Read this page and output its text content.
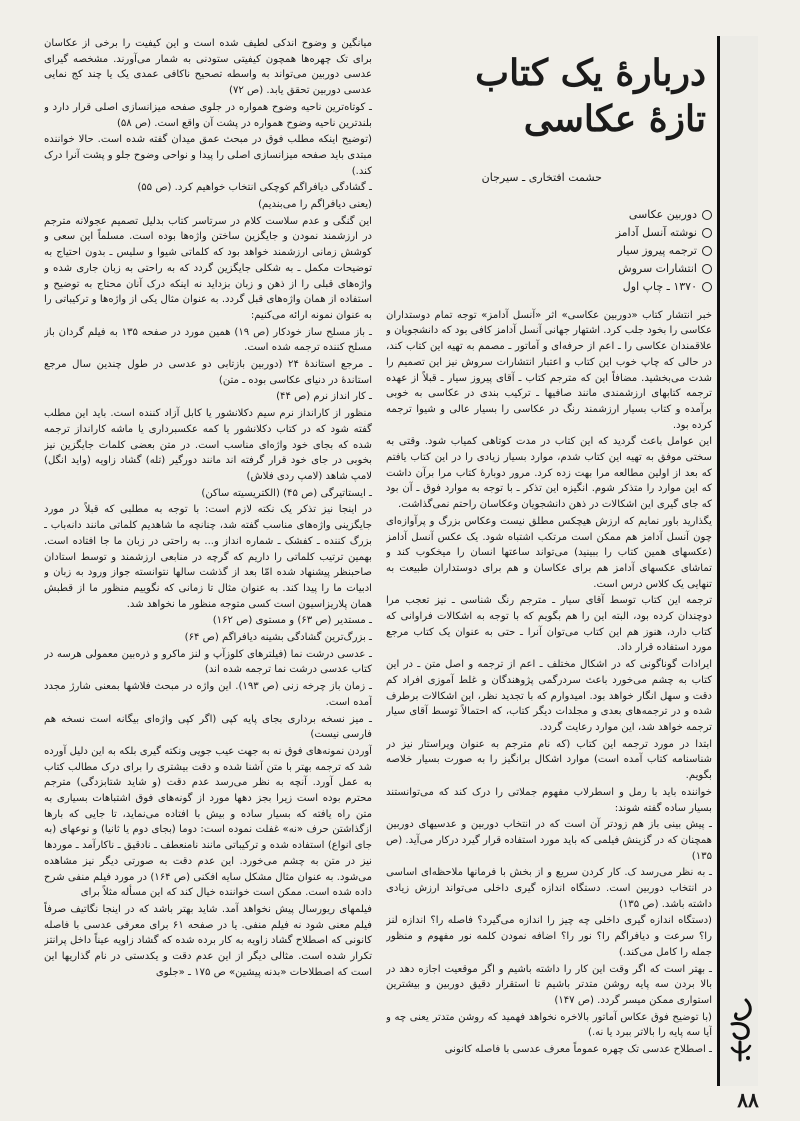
دربارهٔ یک کتاب
تازهٔ عکاسی
حشمت افتخاری ـ سیرجان
دوربین عکاسی
نوشته آنسل آدامز
ترجمه پیروز سیار
انتشارات سروش
۱۳۷۰ ـ چاپ اول

خبر انتشار کتاب «دوربین عکاسی» اثر «آنسل آدامز» توجه تمام دوستداران عکاسی را بخود جلب کرد. اشتهار جهانی آنسل آدامز کافی بود که دانشجویان و علاقمندان عکاسی را ـ اعم از حرفه‌ای و آماتور ـ مصمم به تهیه این کتاب کند، در حالی که چاپ خوب این کتاب و اعتبار انتشارات سروش نیز این تصمیم را شدت می‌بخشید. مضافاً این که مترجم کتاب ـ آقای پیروز سیار ـ قبلاً از عهده ترجمه کتابهای ارزشمندی مانند صافیها ـ ترکیب بندی در عکاسی به خوبی برآمده و کتاب بسیار ارزشمند رنگ در عکاسی را بسیار عالی و شیوا ترجمه کرده بود.

این عوامل باعث گردید که این کتاب در مدت کوتاهی کمیاب شود. وقتی به سختی موفق به تهیه این کتاب شدم، موارد بسیار زیادی را در این کتاب یافتم که بعد از اولین مطالعه مرا بهت زده کرد. مرور دوبارهٔ کتاب مرا برآن داشت که این موارد را متذکر شوم. انگیزه این تذکر ـ با توجه به موارد فوق ـ آن بود که جای گیری این اشکالات در ذهن دانشجویان وعکاسان راحتم نمی‌گذاشت.

یگذارید باور نمایم که ارزش هیچکس مطلق نیست وعکاس بزرگ و پرآوازه‌ای چون آنسل آدامز هم ممکن است مرتکب اشتباه شود. یک عکس آنسل آدامز (عکسهای همین کتاب را ببینید) می‌تواند ساعتها انسان را میخکوب کند و تماشای عکسهای آدامز هم برای عکاسان و هم برای دوستداران طبیعت به تنهایی یک کلاس درس است.

ترجمه این کتاب توسط آقای سیار ـ مترجم رنگ شناسی ـ نیز تعجب مرا دوچندان کرده بود، البته این را هم بگویم که با توجه به اشکالات فراوانی که کتاب دارد، هنوز هم این کتاب می‌توان آنرا ـ حتی به عنوان یک کتاب مرجع مورد استفاده قرار داد.

ایرادات گوناگونی که در اشکال مختلف ـ اعم از ترجمه و اصل متن ـ در این کتاب به چشم می‌خورد باعث سردرگمی پژوهندگان و غلط آموزی افراد کم دقت و سهل انگار خواهد بود. امیدوارم که با تجدید نظر، این اشکالات برطرف شده و در ترجمه‌های بعدی و مجلدات دیگر کتاب، که احتمالاً توسط آقای سیار ترجمه خواهد شد، این موارد رعایت گردد.

ابتدا در مورد ترجمه این کتاب (که نام مترجم به عنوان ویراستار نیز در شناسنامه کتاب آمده است) موارد اشکال برانگیز را به صورت بسیار خلاصه بگویم.

خواننده باید با رمل و اسطرلاب مفهوم جملاتی را درک کند که می‌توانستند بسیار ساده گفته شوند:

ـ پیش بینی باز هم زودتر آن است که در انتخاب دوربین و عدسیهای دوربین همچنان که در گزینش فیلمی که باید مورد استفاده قرار گیرد درکار می‌آید. (ص ۱۳۵)

ـ به نظر می‌رسد ک. کار کردن سریع و از بخش با فرمانها ملاحظه‌ای اساسی در انتخاب دوربین است. دستگاه اندازه گیری داخلی می‌تواند ارزش زیادی داشته باشد. (ص ۱۳۵)

(دستگاه اندازه گیری داخلی چه چیز را اندازه می‌گیرد؟ فاصله را؟ اندازه لنز را؟ سرعت و دیافراگم را؟ نور را؟ اضافه نمودن کلمه نور مفهوم و منظور جمله را کامل می‌کند.)

ـ بهتر است که اگر وقت این کار را داشته باشیم و اگر موقعیت اجازه دهد در بالا بردن سه پایه روشن متدتر باشیم تا استقرار دقیق دوربین و بیشترین استواری ممکن میسر گردد. (ص ۱۴۷)

(با توضیح فوق عکاس آماتور بالاخره نخواهد فهمید که روشن متدتر یعنی چه و آیا سه پایه را بالاتر ببرد یا نه.)

ـ اصطلاح عدسی تک چهره عموماً معرف عدسی با فاصله کانونی

میانگین و وضوح اندکی لطیف شده است و این کیفیت را برخی از عکاسان برای تک چهره‌ها همچون کیفیتی ستودنی به شمار می‌آورند. مشخصه گیرای عدسی دوربین می‌تواند به واسطه تصحیح ناکافی عمدی یک یا چند کج نمایی عدسی دوربین تحقق یابد. (ص ۷۲)

ـ کوتاه‌ترین ناحیه وضوح همواره در جلوی صفحه میزانسازی اصلی قرار دارد و بلندترین ناحیه وضوح همواره در پشت آن واقع است. (ص ۵۸)

(توضیح اینکه مطلب فوق در مبحث عمق میدان گفته شده است. حالا خواننده مبتدی باید صفحه میزانسازی اصلی را پیدا و نواحی وضوح جلو و پشت آنرا درک کند.)

ـ گشادگی دیافراگم کوچکی انتخاب خواهیم کرد. (ص ۵۵)

(یعنی دیافراگم را می‌بندیم)

این گنگی و عدم سلاست کلام در سرتاسر کتاب بدلیل تصمیم عجولانه مترجم در ارزشمند نمودن و جایگزین ساختن واژه‌ها بوده است. مسلماً این سعی و کوشش زمانی ارزشمند خواهد بود که کلماتی شیوا و سلیس ـ بدون احتیاج به توضیحات مکمل ـ به شکلی جایگزین گردد که به راحتی به زبان جاری شده و واژه‌های قبلی را از ذهن و زبان بزداید نه اینکه درک آنان محتاج به توضیح و استفاده از همان واژه‌های قبل گردد. به عنوان مثال یکی از واژه‌ها و ترکیباتی را به عنوان نمونه ارائه می‌کنیم:

ـ باز مسلح ساز خودکار (ص ۱۹) همین مورد در صفحه ۱۳۵ به فیلم گردان باز مسلح کننده ترجمه شده است.

ـ مرجع استاندهٔ ۲۴ (دوربین بازتابی دو عدسی در طول چندین سال مرجع استاندهٔ در دنیای عکاسی بوده ـ متن)

ـ کار انداز نرم (ص ۴۴)

منظور از کارانداز نرم سیم دکلانشور یا کابل آزاد کننده است. باید این مطلب گفته شود که در کتاب دکلانشور یا کمه عکسبرداری یا ماشه کارانداز ترجمه شده که بجای خود واژه‌ای مناسب است. در متن بعضی کلمات جایگزین نیز بخوبی در جای خود قرار گرفته اند مانند دورگیر (تله) گشاد زاویه (واید انگل) لامپ شاهد (لامپ ردی فلاش)

ـ ایستاتیرگی (ص ۴۵) (الکتریسیته ساکن)

در اینجا نیز تذکر یک نکته لازم است: با توجه به مطلبی که قبلاً در مورد جایگزینی واژه‌های مناسب گفته شد، چنانچه ما شاهدیم کلماتی مانند دانه‌باب ـ بزرگ کننده ـ کفشک ـ شماره انداز و... به راحتی در زبان ما جا افتاده است. بهمین ترتیب کلماتی را داریم که گرچه در منابعی ارزشمند و توسط استادان صاحبنظر پیشنهاد شده امّا بعد از گذشت سالها نتوانسته جواز ورود به زبان و ادبیات ما را پیدا کند. به عنوان مثال تا زمانی که نگوییم منظور ما از قطبش همان پلاریزاسیون است کسی متوجه منظور ما نخواهد شد.

ـ مستدیر (ص ۶۳) و مستوی (ص ۱۶۲)

ـ بزرگ‌ترین گشادگی بشینه دیافراگم (ص ۶۴)

ـ عدسی درشت نما (فیلترهای کلوزآپ و لنز ماکرو و ذره‌بین معمولی هرسه در کتاب عدسی درشت نما ترجمه شده اند)

ـ زمان باز چرخه زنی (ص ۱۹۳). این واژه در مبحث فلاشها بمعنی شارژ مجدد آمده است.

ـ میز نسخه برداری بجای پایه کپی (اگر کپی واژه‌ای بیگانه است نسخه هم فارسی نیست)

آوردن نمونه‌های فوق نه به جهت عیب جویی ونکته گیری بلکه به این دلیل آورده شد که ترجمه بهتر با متن آشنا شده و دقت بیشتری را برای درک مطالب کتاب به عمل آورد. آنچه به نظر می‌رسد عدم دقت (و شاید شتابزدگی) مترجم محترم بوده است زیرا بجز دهها مورد از گونه‌های فوق اشتباهات بسیاری به متن راه یافته که بسیار ساده و بیش با افتاده می‌نماید، تا جایی که بارها ازگذاشتن حرف «نه» غفلت نموده است: دوما (بجای دوم یا ثانیا) و نوعهای (به جای انواع) استفاده شده و ترکیباتی مانند نامنعطف ـ نادقیق ـ ناکارآمد ـ موردها نیز در متن به چشم می‌خورد. این عدم دقت به صورتی دیگر نیز مشاهده می‌شود. به عنوان مثال مشکل سایه افکنی (ص ۱۶۴) در مورد فیلم منفی شرح داده شده است. ممکن است خواننده خیال کند که این مسأله مثلاً برای

فیلمهای ریورسال پیش نخواهد آمد. شاید بهتر باشد که در اینجا نگاتیف صرفاً فیلم معنی شود نه فیلم منفی. یا در صفحه ۶۱ برای معرفی عدسی با فاصله کانونی که اصطلاح گشاد زاویه به کار برده شده که گشاد زاویه عیناً داخل پرانتز تکرار شده است. مثالی دیگر از این عدم دقت و یکدستی در نام گذاریها این است که اصطلاحات «بدنه پیشین» ص ۱۷۵ ـ «جلوی

۸۸
